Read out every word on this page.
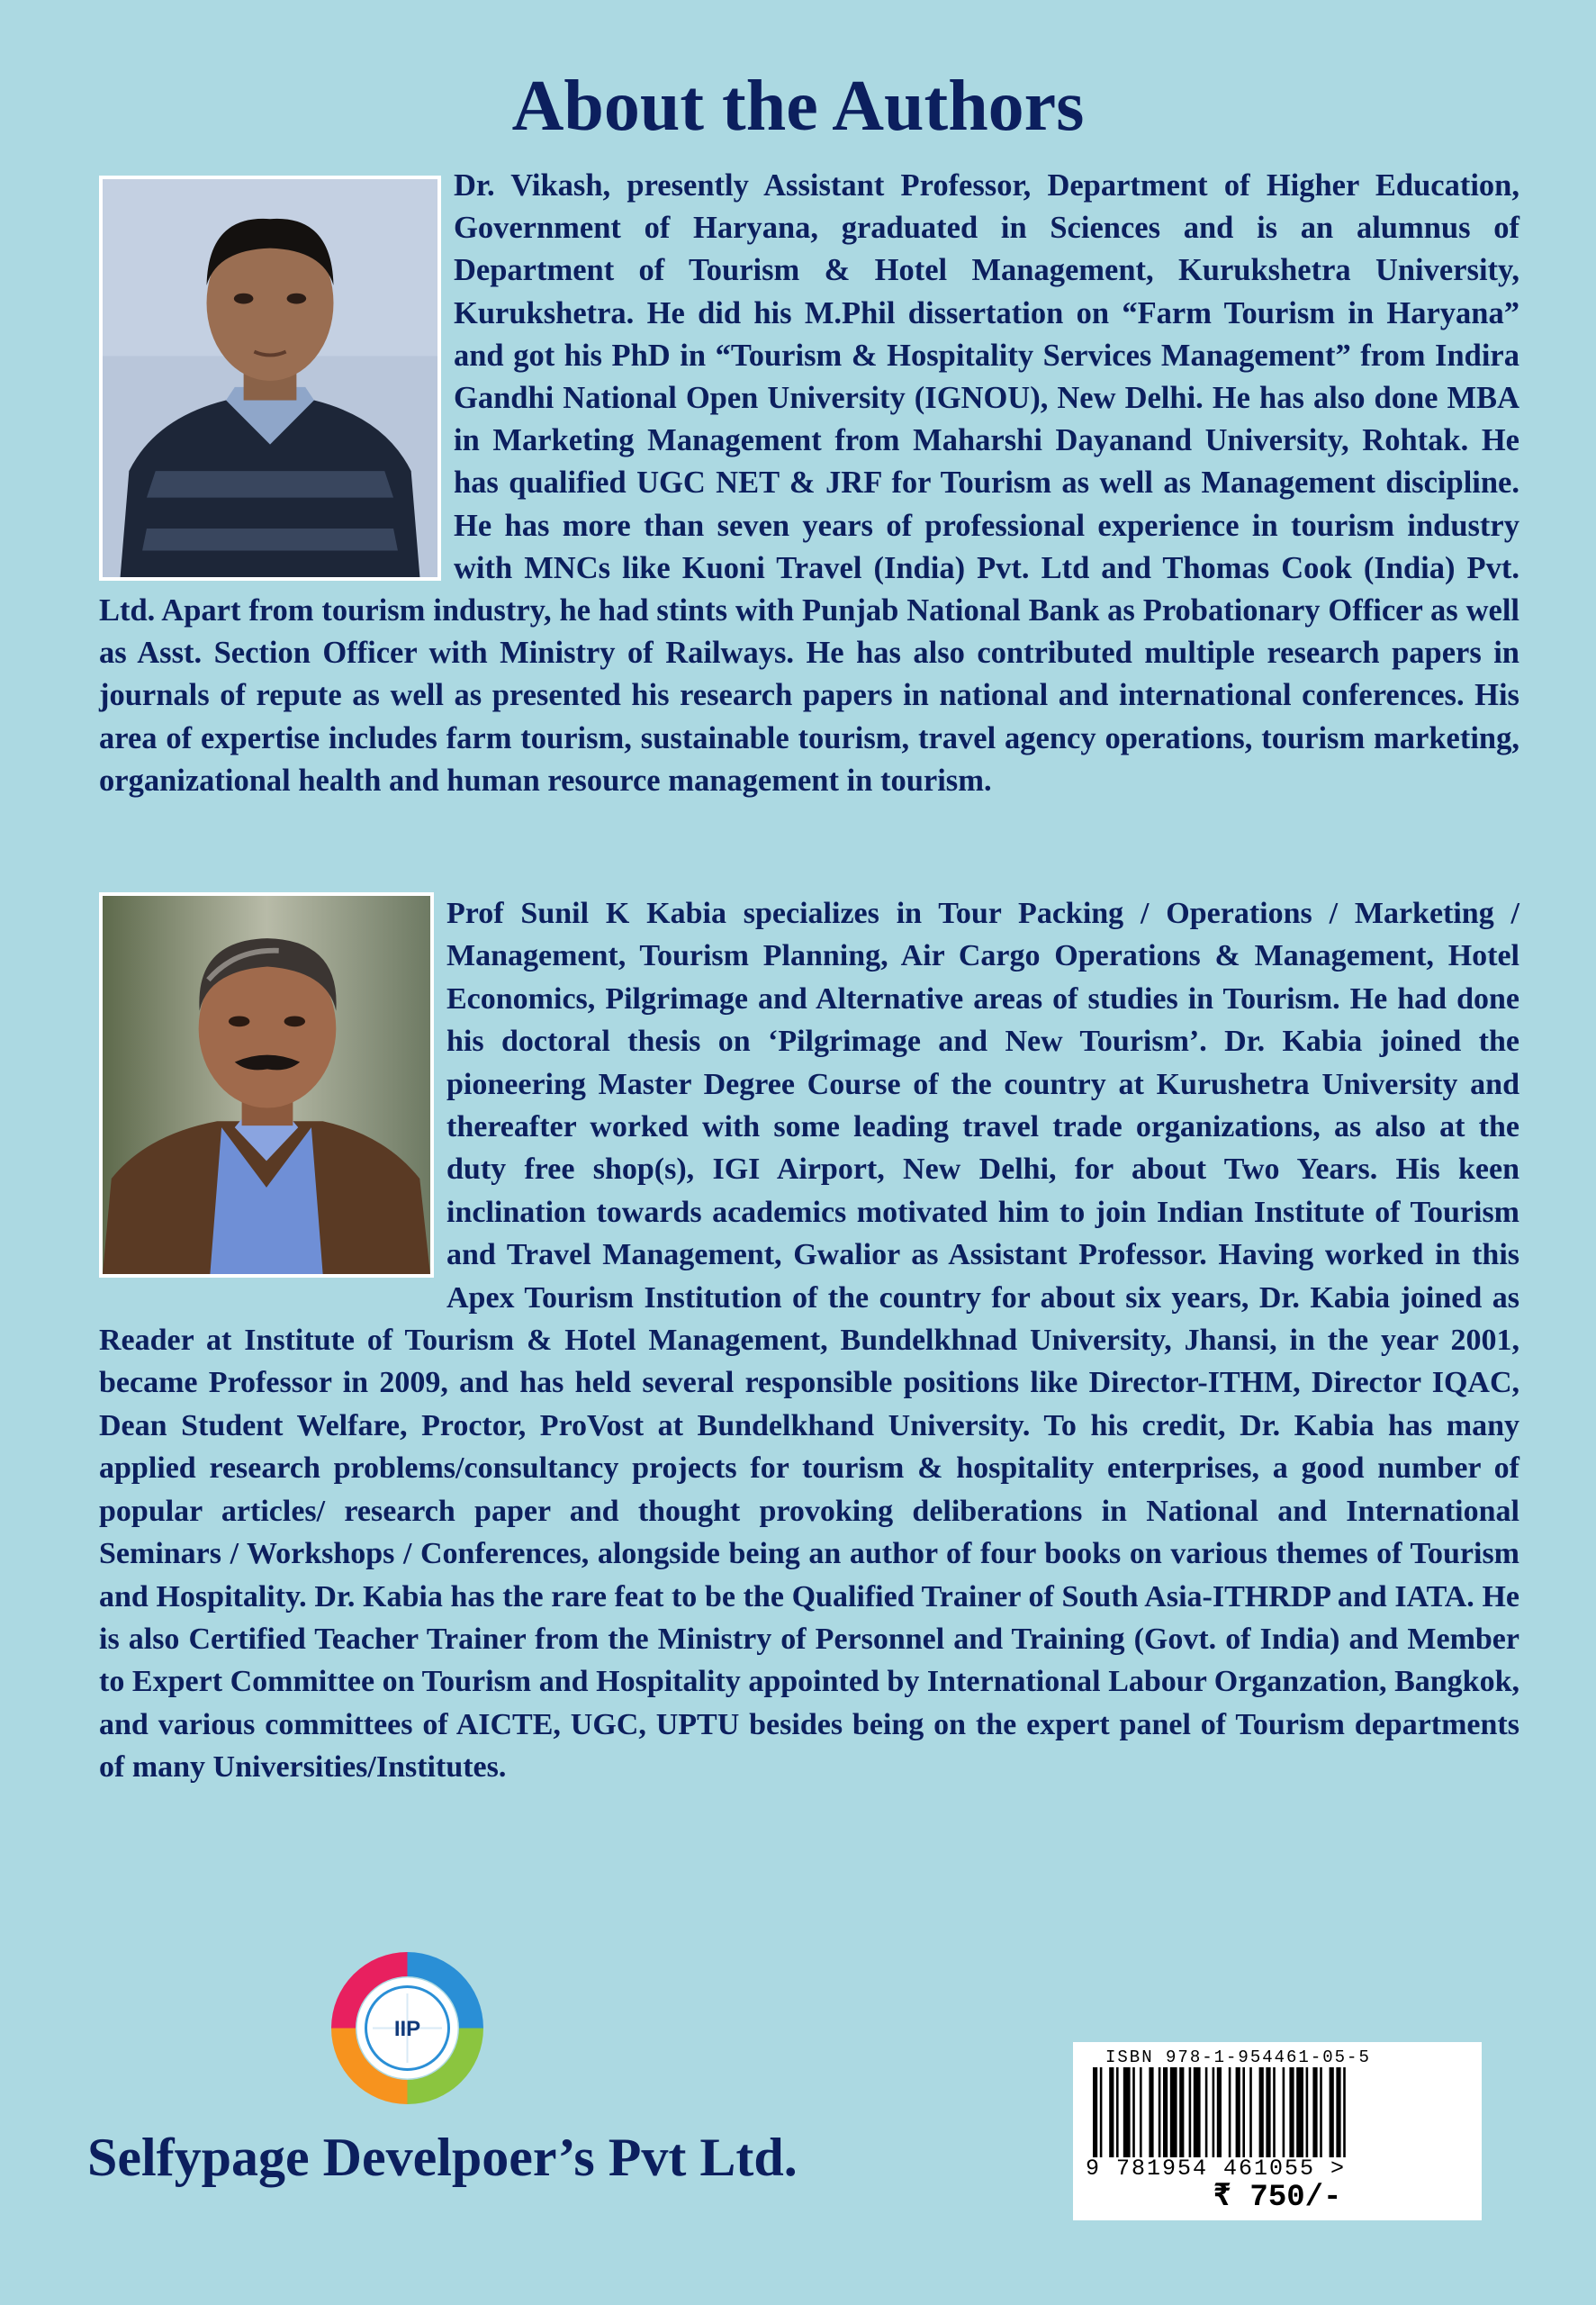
About the Authors
Dr. Vikash, presently Assistant Professor, Department of Higher Education, Government of Haryana, graduated in Sciences and is an alumnus of Department of Tourism & Hotel Management, Kurukshetra University, Kurukshetra. He did his M.Phil dissertation on “Farm Tourism in Haryana” and got his PhD in “Tourism & Hospitality Services Management” from Indira Gandhi National Open University (IGNOU), New Delhi. He has also done MBA in Marketing Management from Maharshi Dayanand University, Rohtak. He has qualified UGC NET & JRF for Tourism as well as Management discipline. He has more than seven years of professional experience in tourism industry with MNCs like Kuoni Travel (India) Pvt. Ltd and Thomas Cook (India) Pvt. Ltd. Apart from tourism industry, he had stints with Punjab National Bank as Probationary Officer as well as Asst. Section Officer with Ministry of Railways. He has also contributed multiple research papers in journals of repute as well as presented his research papers in national and international conferences. His area of expertise includes farm tourism, sustainable tourism, travel agency operations, tourism marketing, organizational health and human resource management in tourism.
Prof Sunil K Kabia specializes in Tour Packing / Operations / Marketing / Management, Tourism Planning, Air Cargo Operations & Management, Hotel Economics, Pilgrimage and Alternative areas of studies in Tourism. He had done his doctoral thesis on ‘Pilgrimage and New Tourism’. Dr. Kabia joined the pioneering Master Degree Course of the country at Kurushetra University and thereafter worked with some leading travel trade organizations, as also at the duty free shop(s), IGI Airport, New Delhi, for about Two Years. His keen inclination towards academics motivated him to join Indian Institute of Tourism and Travel Management, Gwalior as Assistant Professor. Having worked in this Apex Tourism Institution of the country for about six years, Dr. Kabia joined as Reader at Institute of Tourism & Hotel Management, Bundelkhnad University, Jhansi, in the year 2001, became Professor in 2009, and has held several responsible positions like Director-ITHM, Director IQAC, Dean Student Welfare, Proctor, ProVost at Bundelkhand University. To his credit, Dr. Kabia has many applied research problems/consultancy projects for tourism & hospitality enterprises, a good number of popular articles/ research paper and thought provoking deliberations in National and International Seminars / Workshops / Conferences, alongside being an author of four books on various themes of Tourism and Hospitality. Dr. Kabia has the rare feat to be the Qualified Trainer of South Asia-ITHRDP and IATA. He is also Certified Teacher Trainer from the Ministry of Personnel and Training (Govt. of India) and Member to Expert Committee on Tourism and Hospitality appointed by International Labour Organzation, Bangkok, and various committees of AICTE, UGC, UPTU besides being on the expert panel of Tourism departments of many Universities/Institutes.
IIP
Selfypage Develpoer’s Pvt Ltd.
ISBN 978-1-954461-05-5
9 781954 461055 >
₹ 750/-
